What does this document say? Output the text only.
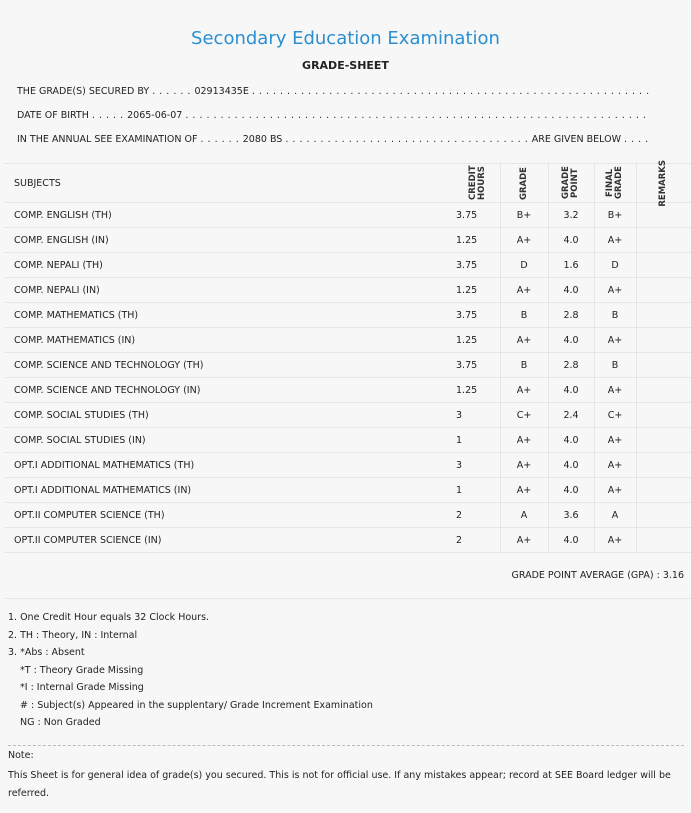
Secondary Education Examination
GRADE-SHEET
THE GRADE(S) SECURED BY . . . . . . 02913435E . . . . . . . . . . . . . . . . . . . . . . . . . . . . . . . . . . . . . . . . . . . . . . . . . . . . . . . . .
DATE OF BIRTH . . . . . 2065-06-07 . . . . . . . . . . . . . . . . . . . . . . . . . . . . . . . . . . . . . . . . . . . . . . . . . . . . . . . . . . . . . . . . . .
IN THE ANNUAL SEE EXAMINATION OF . . . . . . 2080 BS . . . . . . . . . . . . . . . . . . . . . . . . . . . . . . . . . . . ARE GIVEN BELOW . . . .
SUBJECTS	CREDIT HOURS	GRADE	GRADE POINT	FINAL GRADE	REMARKS
COMP. ENGLISH (TH)	3.75	B+	3.2	B+
COMP. ENGLISH (IN)	1.25	A+	4.0	A+
COMP. NEPALI (TH)	3.75	D	1.6	D
COMP. NEPALI (IN)	1.25	A+	4.0	A+
COMP. MATHEMATICS (TH)	3.75	B	2.8	B
COMP. MATHEMATICS (IN)	1.25	A+	4.0	A+
COMP. SCIENCE AND TECHNOLOGY (TH)	3.75	B	2.8	B
COMP. SCIENCE AND TECHNOLOGY (IN)	1.25	A+	4.0	A+
COMP. SOCIAL STUDIES (TH)	3	C+	2.4	C+
COMP. SOCIAL STUDIES (IN)	1	A+	4.0	A+
OPT.I ADDITIONAL MATHEMATICS (TH)	3	A+	4.0	A+
OPT.I ADDITIONAL MATHEMATICS (IN)	1	A+	4.0	A+
OPT.II COMPUTER SCIENCE (TH)	2	A	3.6	A
OPT.II COMPUTER SCIENCE (IN)	2	A+	4.0	A+
GRADE POINT AVERAGE (GPA) : 3.16
1. One Credit Hour equals 32 Clock Hours.
2. TH : Theory, IN : Internal
3. *Abs : Absent
*T : Theory Grade Missing
*I : Internal Grade Missing
# : Subject(s) Appeared in the supplentary/ Grade Increment Examination
NG : Non Graded
Note:
This Sheet is for general idea of grade(s) you secured. This is not for official use. If any mistakes appear; record at SEE Board ledger will be referred.
